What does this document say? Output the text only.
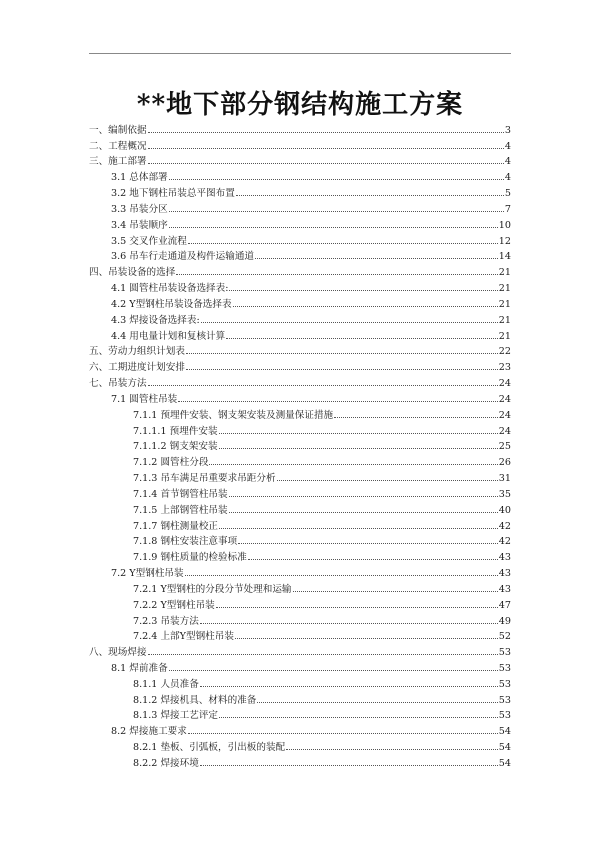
**地下部分钢结构施工方案
一、编制依据	3
二、工程概况	4
三、施工部署	4
3.1 总体部署	4
3.2 地下钢柱吊装总平图布置	5
3.3 吊装分区	7
3.4 吊装顺序	10
3.5 交叉作业流程	12
3.6 吊车行走通道及构件运输通道	14
四、吊装设备的选择	21
4.1 圆管柱吊装设备选择表:	21
4.2 Y型钢柱吊装设备选择表	21
4.3 焊接设备选择表:	21
4.4 用电量计划和复核计算	21
五、劳动力组织计划表	22
六、工期进度计划安排	23
七、吊装方法	24
7.1 圆管柱吊装	24
7.1.1 预埋件安装、钢支架安装及测量保证措施	24
7.1.1.1 预埋件安装	24
7.1.1.2 钢支架安装	25
7.1.2 圆管柱分段	26
7.1.3 吊车满足吊重要求吊距分析	31
7.1.4 首节钢管柱吊装	35
7.1.5 上部钢管柱吊装	40
7.1.7 钢柱测量校正	42
7.1.8 钢柱安装注意事项	42
7.1.9 钢柱质量的检验标准	43
7.2 Y型钢柱吊装	43
7.2.1 Y型钢柱的分段分节处理和运输	43
7.2.2 Y型钢柱吊装	47
7.2.3 吊装方法	49
7.2.4 上部Y型钢柱吊装	52
八、现场焊接	53
8.1 焊前准备	53
8.1.1 人员准备	53
8.1.2 焊接机具、材料的准备	53
8.1.3 焊接工艺评定	53
8.2 焊接施工要求	54
8.2.1 垫板、引弧板，引出板的装配	54
8.2.2 焊接环境	54
